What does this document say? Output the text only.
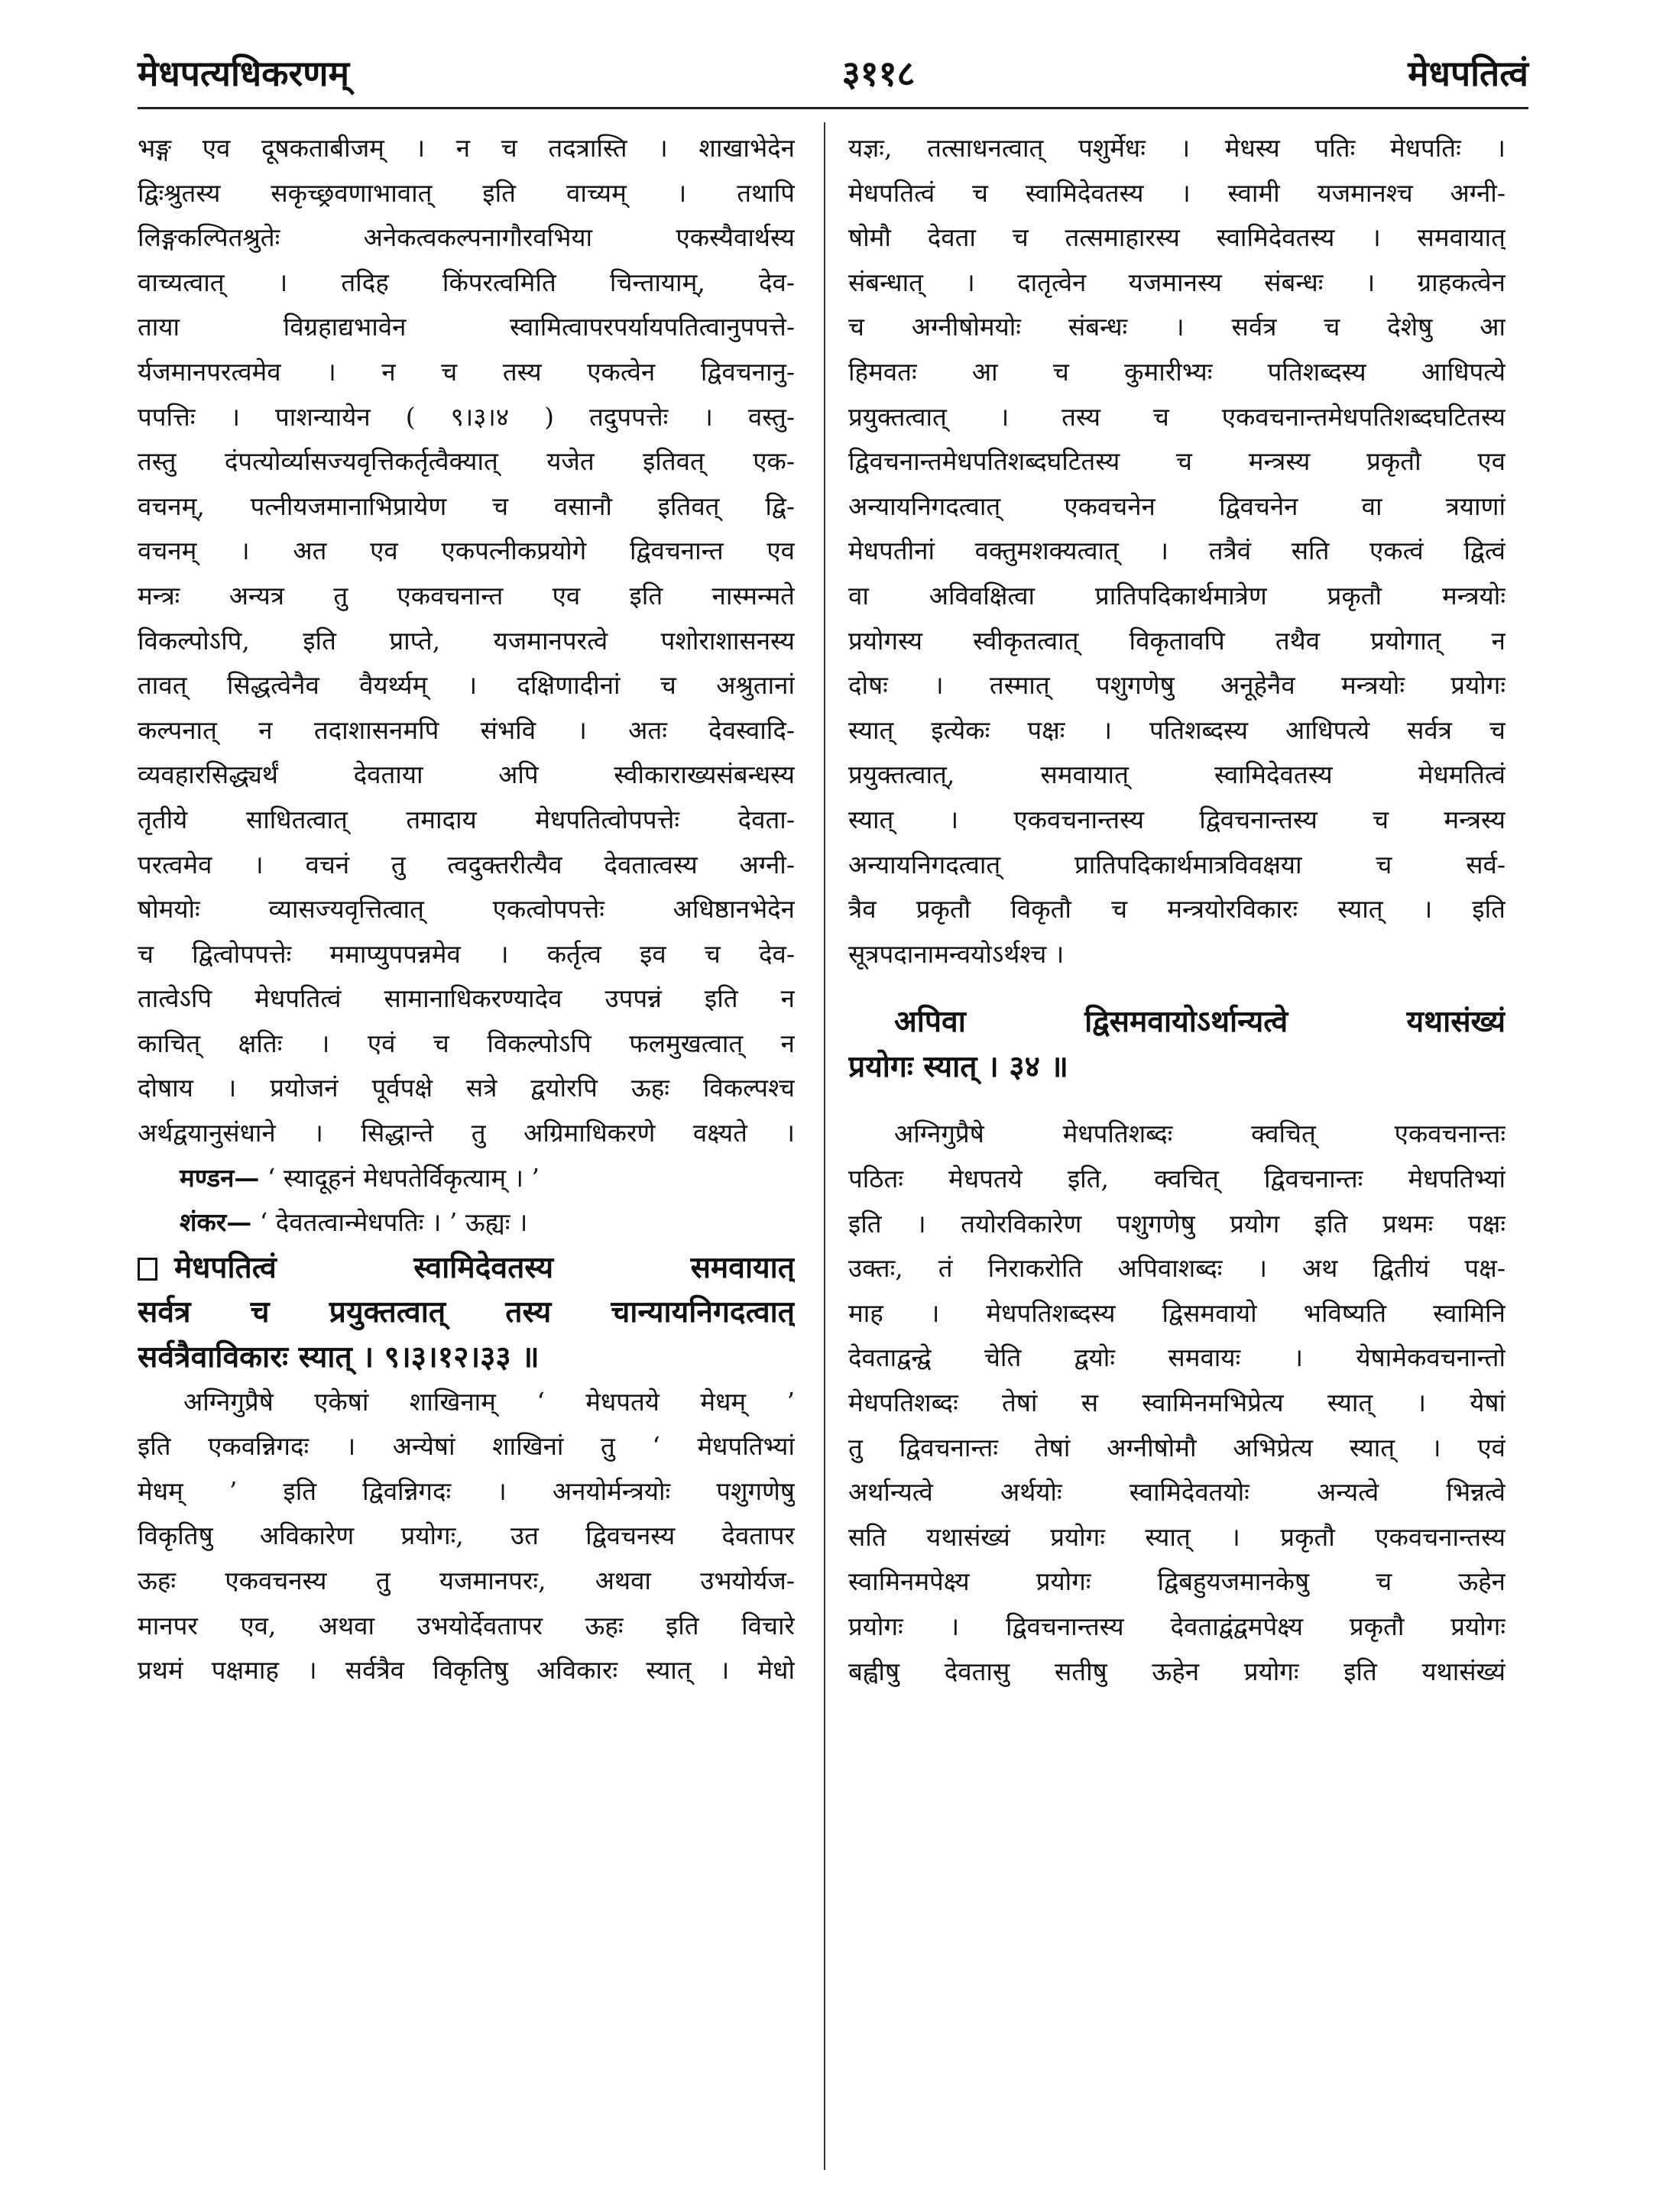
मेधपत्यधिकरणम्	३११८	मेधपतित्वं
भङ्ग एव दूषकताबीजम् । न च तदत्रास्ति । शाखाभेदेन
द्विःश्रुतस्य सकृच्छ्रवणाभावात् इति वाच्यम् । तथापि
लिङ्गकल्पितश्रुतेः अनेकत्वकल्पनागौरवभिया एकस्यैवार्थस्य
वाच्यत्वात् । तदिह किंपरत्वमिति चिन्तायाम्, देव-
ताया विग्रहाद्यभावेन स्वामित्वापरपर्यायपतित्वानुपपत्ते-
र्यजमानपरत्वमेव । न च तस्य एकत्वेन द्विवचनानु-
पपत्तिः । पाशन्यायेन ( ९।३।४ ) तदुपपत्तेः । वस्तु-
तस्तु दंपत्योर्व्यासज्यवृत्तिकर्तृत्वैक्यात् यजेत इतिवत् एक-
वचनम्, पत्नीयजमानाभिप्रायेण च वसानौ इतिवत् द्वि-
वचनम् । अत एव एकपत्नीकप्रयोगे द्विवचनान्त एव
मन्त्रः अन्यत्र तु एकवचनान्त एव इति नास्मन्मते
विकल्पोऽपि, इति प्राप्ते, यजमानपरत्वे पशोराशासनस्य
तावत् सिद्धत्वेनैव वैयर्थ्यम् । दक्षिणादीनां च अश्रुतानां
कल्पनात् न तदाशासनमपि संभवि । अतः देवस्वादि-
व्यवहारसिद्ध्यर्थं देवताया अपि स्वीकाराख्यसंबन्धस्य
तृतीये साधितत्वात् तमादाय मेधपतित्वोपपत्तेः देवता-
परत्वमेव । वचनं तु त्वदुक्तरीत्यैव देवतात्वस्य अग्नी-
षोमयोः व्यासज्यवृत्तित्वात् एकत्वोपपत्तेः अधिष्ठानभेदेन
च द्वित्वोपपत्तेः ममाप्युपपन्नमेव । कर्तृत्व इव च देव-
तात्वेऽपि मेधपतित्वं सामानाधिकरण्यादेव उपपन्नं इति न
काचित् क्षतिः । एवं च विकल्पोऽपि फलमुखत्वात् न
दोषाय । प्रयोजनं पूर्वपक्षे सत्रे द्वयोरपि ऊहः विकल्पश्च
अर्थद्वयानुसंधाने । सिद्धान्ते तु अग्रिमाधिकरणे वक्ष्यते ।
मण्डन— ‘ स्यादूहनं मेधपतेर्विकृत्याम् । ’
शंकर— ‘ देवतत्वान्मेधपतिः । ’ ऊह्यः ।
मेधपतित्वं स्वामिदेवतस्य समवायात्
सर्वत्र च प्रयुक्तत्वात् तस्य चान्यायनिगदत्वात्
सर्वत्रैवाविकारः स्यात् । ९।३।१२।३३ ॥
अग्निगुप्रैषे एकेषां शाखिनाम् ‘ मेधपतये मेधम् ’
इति एकवन्निगदः । अन्येषां शाखिनां तु ‘ मेधपतिभ्यां
मेधम् ’ इति द्विवन्निगदः । अनयोर्मन्त्रयोः पशुगणेषु
विकृतिषु अविकारेण प्रयोगः, उत द्विवचनस्य देवतापर
ऊहः एकवचनस्य तु यजमानपरः, अथवा उभयोर्यज-
मानपर एव, अथवा उभयोर्देवतापर ऊहः इति विचारे
प्रथमं पक्षमाह । सर्वत्रैव विकृतिषु अविकारः स्यात् । मेधो
यज्ञः, तत्साधनत्वात् पशुर्मेधः । मेधस्य पतिः मेधपतिः ।
मेधपतित्वं च स्वामिदेवतस्य । स्वामी यजमानश्च अग्नी-
षोमौ देवता च तत्समाहारस्य स्वामिदेवतस्य । समवायात्
संबन्धात् । दातृत्वेन यजमानस्य संबन्धः । ग्राहकत्वेन
च अग्नीषोमयोः संबन्धः । सर्वत्र च देशेषु आ
हिमवतः आ च कुमारीभ्यः पतिशब्दस्य आधिपत्ये
प्रयुक्तत्वात् । तस्य च एकवचनान्तमेधपतिशब्दघटितस्य
द्विवचनान्तमेधपतिशब्दघटितस्य च मन्त्रस्य प्रकृतौ एव
अन्यायनिगदत्वात् एकवचनेन द्विवचनेन वा त्रयाणां
मेधपतीनां वक्तुमशक्यत्वात् । तत्रैवं सति एकत्वं द्वित्वं
वा अविवक्षित्वा प्रातिपदिकार्थमात्रेण प्रकृतौ मन्त्रयोः
प्रयोगस्य स्वीकृतत्वात् विकृतावपि तथैव प्रयोगात् न
दोषः । तस्मात् पशुगणेषु अनूहेनैव मन्त्रयोः प्रयोगः
स्यात् इत्येकः पक्षः । पतिशब्दस्य आधिपत्ये सर्वत्र च
प्रयुक्तत्वात्, समवायात् स्वामिदेवतस्य मेधमतित्वं
स्यात् । एकवचनान्तस्य द्विवचनान्तस्य च मन्त्रस्य
अन्यायनिगदत्वात् प्रातिपदिकार्थमात्रविवक्षया च सर्व-
त्रैव प्रकृतौ विकृतौ च मन्त्रयोरविकारः स्यात् । इति
सूत्रपदानामन्वयोऽर्थश्च ।
अपिवा द्विसमवायोऽर्थान्यत्वे यथासंख्यं
प्रयोगः स्यात् । ३४ ॥
अग्निगुप्रैषे मेधपतिशब्दः क्वचित् एकवचनान्तः
पठितः मेधपतये इति, क्वचित् द्विवचनान्तः मेधपतिभ्यां
इति । तयोरविकारेण पशुगणेषु प्रयोग इति प्रथमः पक्षः
उक्तः, तं निराकरोति अपिवाशब्दः । अथ द्वितीयं पक्ष-
माह । मेधपतिशब्दस्य द्विसमवायो भविष्यति स्वामिनि
देवताद्वन्द्वे चेति द्वयोः समवायः । येषामेकवचनान्तो
मेधपतिशब्दः तेषां स स्वामिनमभिप्रेत्य स्यात् । येषां
तु द्विवचनान्तः तेषां अग्नीषोमौ अभिप्रेत्य स्यात् । एवं
अर्थान्यत्वे अर्थयोः स्वामिदेवतयोः अन्यत्वे भिन्नत्वे
सति यथासंख्यं प्रयोगः स्यात् । प्रकृतौ एकवचनान्तस्य
स्वामिनमपेक्ष्य प्रयोगः द्विबहुयजमानकेषु च ऊहेन
प्रयोगः । द्विवचनान्तस्य देवताद्वंद्वमपेक्ष्य प्रकृतौ प्रयोगः
बह्वीषु देवतासु सतीषु ऊहेन प्रयोगः इति यथासंख्यं
